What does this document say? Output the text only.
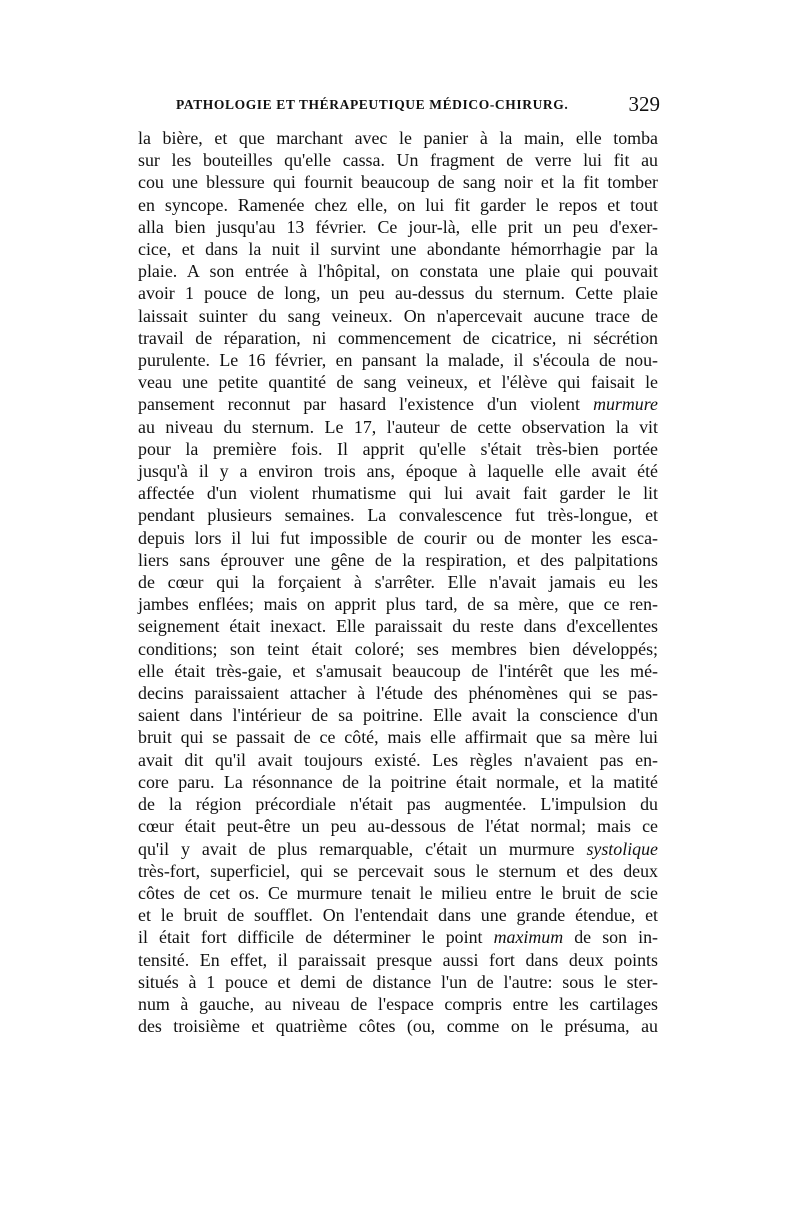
PATHOLOGIE ET THÉRAPEUTIQUE MÉDICO-CHIRURG.	329
la bière, et que marchant avec le panier à la main, elle tomba
sur les bouteilles qu'elle cassa. Un fragment de verre lui fit au
cou une blessure qui fournit beaucoup de sang noir et la fit tomber
en syncope. Ramenée chez elle, on lui fit garder le repos et tout
alla bien jusqu'au 13 février. Ce jour-là, elle prit un peu d'exer-
cice, et dans la nuit il survint une abondante hémorrhagie par la
plaie. A son entrée à l'hôpital, on constata une plaie qui pouvait
avoir 1 pouce de long, un peu au-dessus du sternum. Cette plaie
laissait suinter du sang veineux. On n'apercevait aucune trace de
travail de réparation, ni commencement de cicatrice, ni sécrétion
purulente. Le 16 février, en pansant la malade, il s'écoula de nou-
veau une petite quantité de sang veineux, et l'élève qui faisait le
pansement reconnut par hasard l'existence d'un violent murmure
au niveau du sternum. Le 17, l'auteur de cette observation la vit
pour la première fois. Il apprit qu'elle s'était très-bien portée
jusqu'à il y a environ trois ans, époque à laquelle elle avait été
affectée d'un violent rhumatisme qui lui avait fait garder le lit
pendant plusieurs semaines. La convalescence fut très-longue, et
depuis lors il lui fut impossible de courir ou de monter les esca-
liers sans éprouver une gêne de la respiration, et des palpitations
de cœur qui la forçaient à s'arrêter. Elle n'avait jamais eu les
jambes enflées; mais on apprit plus tard, de sa mère, que ce ren-
seignement était inexact. Elle paraissait du reste dans d'excellentes
conditions; son teint était coloré; ses membres bien développés;
elle était très-gaie, et s'amusait beaucoup de l'intérêt que les mé-
decins paraissaient attacher à l'étude des phénomènes qui se pas-
saient dans l'intérieur de sa poitrine. Elle avait la conscience d'un
bruit qui se passait de ce côté, mais elle affirmait que sa mère lui
avait dit qu'il avait toujours existé. Les règles n'avaient pas en-
core paru. La résonnance de la poitrine était normale, et la matité
de la région précordiale n'était pas augmentée. L'impulsion du
cœur était peut-être un peu au-dessous de l'état normal; mais ce
qu'il y avait de plus remarquable, c'était un murmure systolique
très-fort, superficiel, qui se percevait sous le sternum et des deux
côtes de cet os. Ce murmure tenait le milieu entre le bruit de scie
et le bruit de soufflet. On l'entendait dans une grande étendue, et
il était fort difficile de déterminer le point maximum de son in-
tensité. En effet, il paraissait presque aussi fort dans deux points
situés à 1 pouce et demi de distance l'un de l'autre: sous le ster-
num à gauche, au niveau de l'espace compris entre les cartilages
des troisième et quatrième côtes (ou, comme on le présuma, au
